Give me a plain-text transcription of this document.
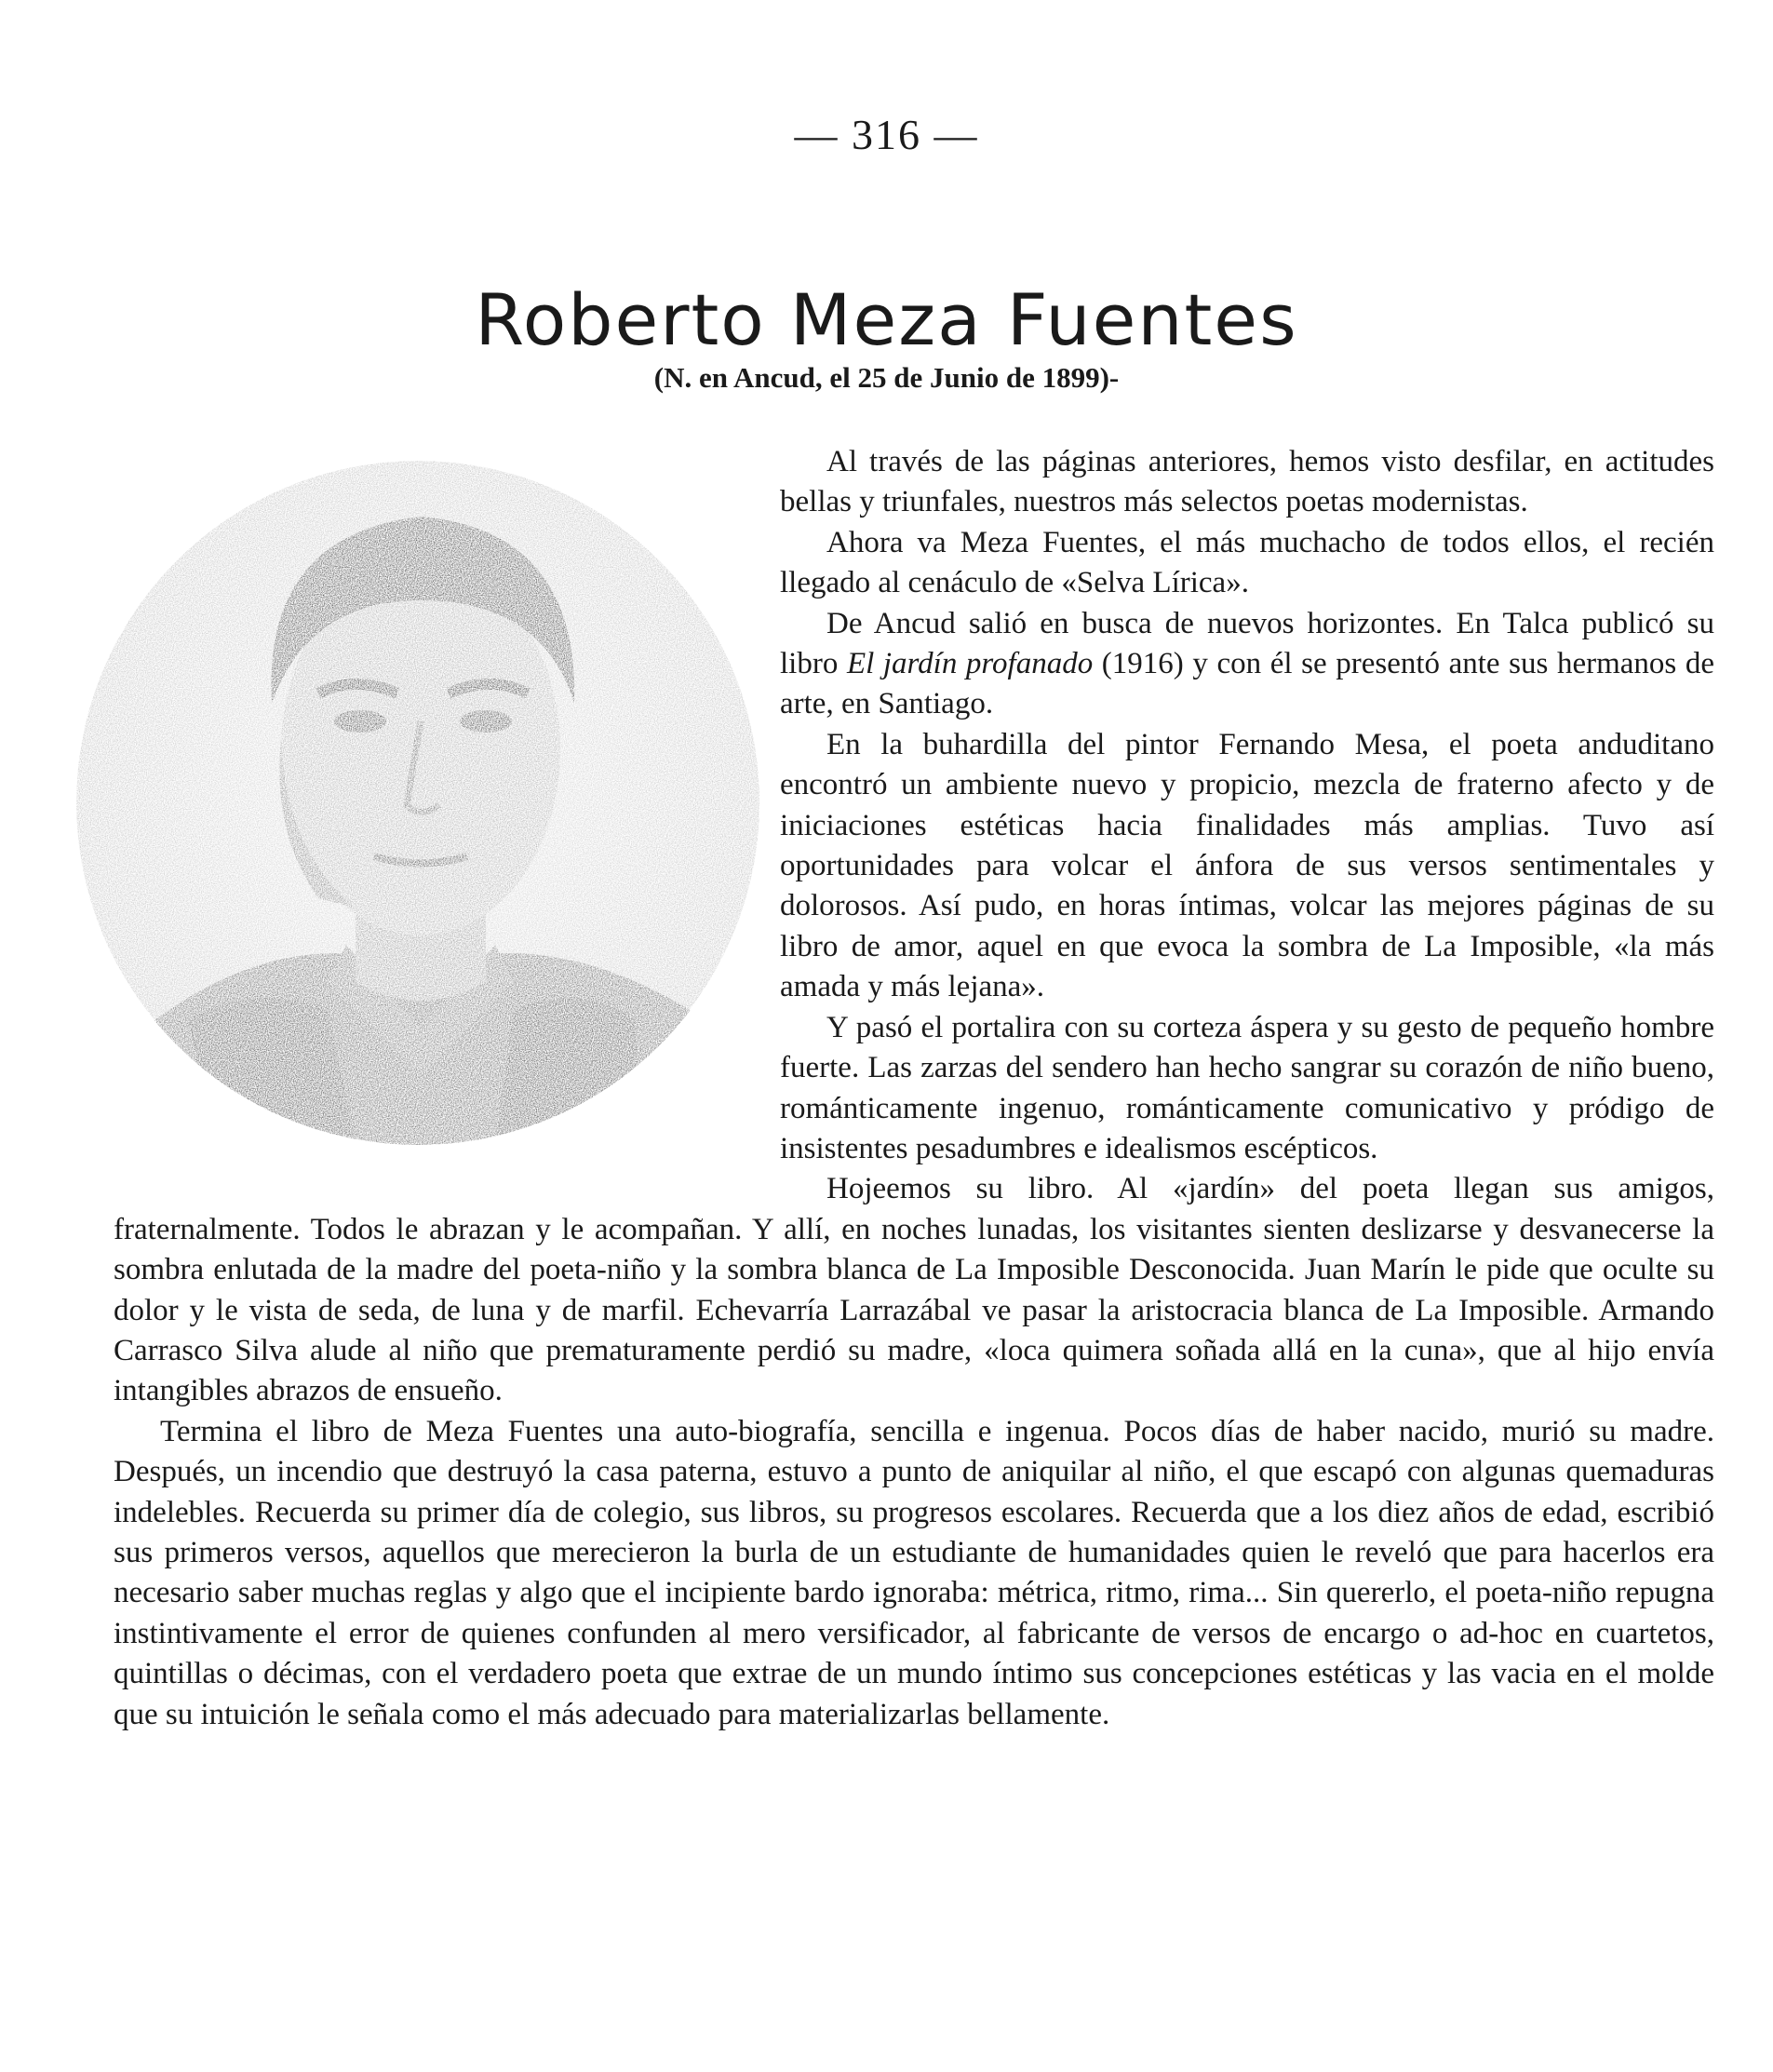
— 316 —
Roberto Meza Fuentes
(N. en Ancud, el 25 de Junio de 1899)-

Al través de las páginas anteriores, hemos visto desfilar, en actitudes bellas y triunfales, nuestros más selectos poetas modernistas.

Ahora va Meza Fuentes, el más muchacho de todos ellos, el recién llegado al cenáculo de «Selva Lírica».

De Ancud salió en busca de nuevos horizontes. En Talca publicó su libro El jardín profanado (1916) y con él se presentó ante sus hermanos de arte, en Santiago.

En la buhardilla del pintor Fernando Mesa, el poeta anduditano encontró un ambiente nuevo y propicio, mezcla de fraterno afecto y de iniciaciones estéticas hacia finalidades más amplias. Tuvo así oportunidades para volcar el ánfora de sus versos sentimentales y dolorosos. Así pudo, en horas íntimas, volcar las mejores páginas de su libro de amor, aquel en que evoca la sombra de La Imposible, «la más amada y más lejana».

Y pasó el portalira con su corteza áspera y su gesto de pequeño hombre fuerte. Las zarzas del sendero han hecho sangrar su corazón de niño bueno, románticamente ingenuo, románticamente comunicativo y pródigo de insistentes pesadumbres e idealismos escépticos.

Hojeemos su libro. Al «jardín» del poeta llegan sus amigos, fraternalmente. Todos le abrazan y le acompañan. Y allí, en noches lunadas, los visitantes sienten deslizarse y desvanecerse la sombra enlutada de la madre del poeta-niño y la sombra blanca de La Imposible Desconocida. Juan Marín le pide que oculte su dolor y le vista de seda, de luna y de marfil. Echevarría Larrazábal ve pasar la aristocracia blanca de La Imposible. Armando Carrasco Silva alude al niño que prematuramente perdió su madre, «loca quimera soñada allá en la cuna», que al hijo envía intangibles abrazos de ensueño.

Termina el libro de Meza Fuentes una auto-biografía, sencilla e ingenua. Pocos días de haber nacido, murió su madre. Después, un incendio que destruyó la casa paterna, estuvo a punto de aniquilar al niño, el que escapó con algunas quemaduras indelebles. Recuerda su primer día de colegio, sus libros, su progresos escolares. Recuerda que a los diez años de edad, escribió sus primeros versos, aquellos que merecieron la burla de un estudiante de humanidades quien le reveló que para hacerlos era necesario saber muchas reglas y algo que el incipiente bardo ignoraba: métrica, ritmo, rima... Sin quererlo, el poeta-niño repugna instintivamente el error de quienes confunden al mero versificador, al fabricante de versos de encargo o ad-hoc en cuartetos, quintillas o décimas, con el verdadero poeta que extrae de un mundo íntimo sus concepciones estéticas y las vacia en el molde que su intuición le señala como el más adecuado para materializarlas bellamente.
